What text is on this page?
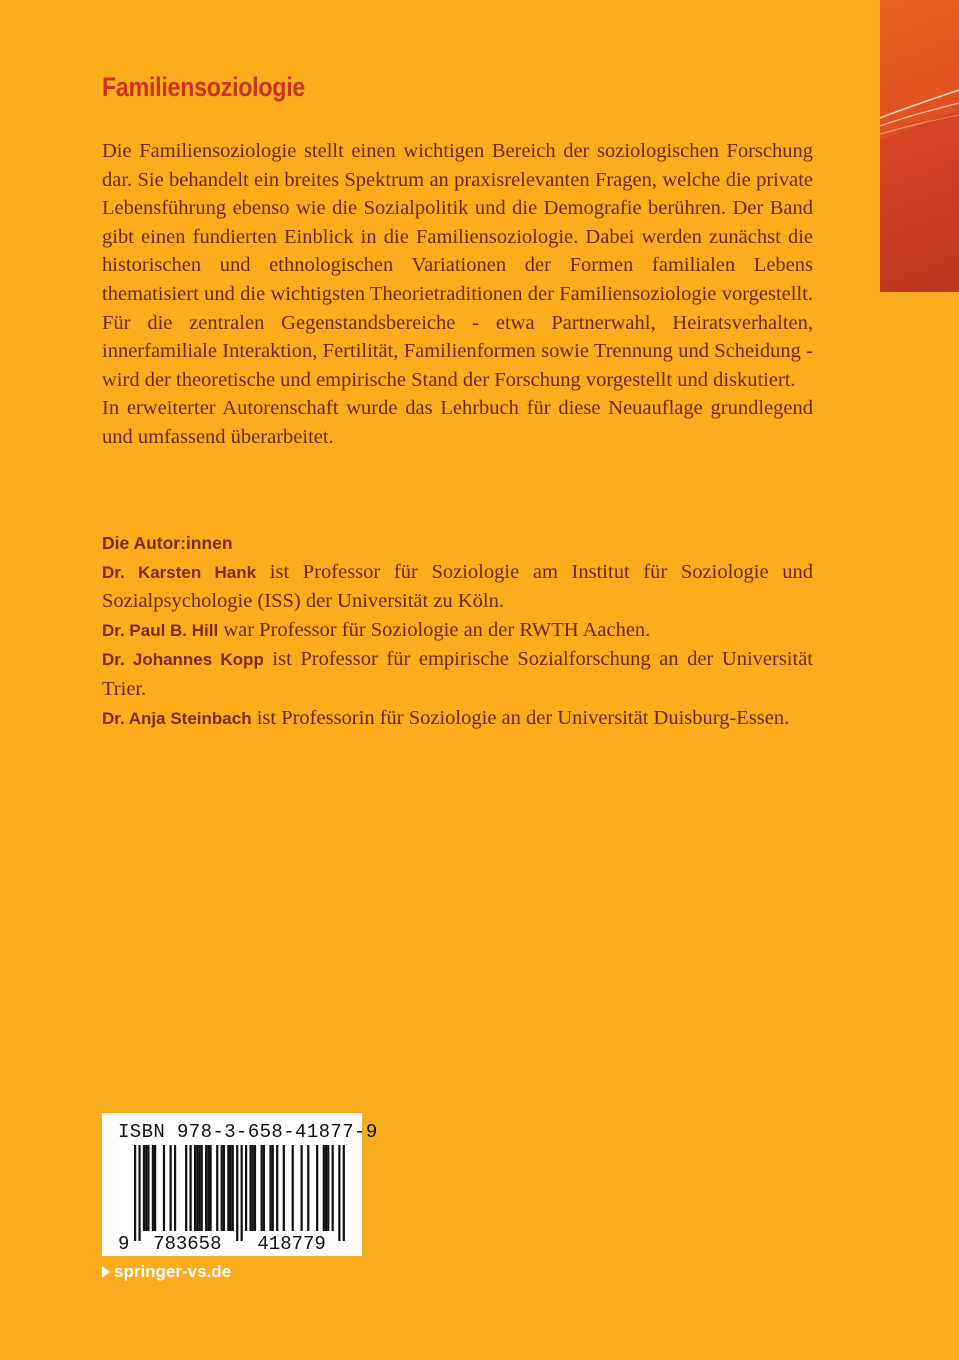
Familiensoziologie

Die Familiensoziologie stellt einen wichtigen Bereich der soziologischen Forschung dar. Sie behandelt ein breites Spektrum an praxisrelevanten Fragen, welche die private Lebensführung ebenso wie die Sozialpolitik und die Demografie berühren. Der Band gibt einen fundierten Einblick in die Familiensoziologie. Dabei werden zunächst die historischen und ethnologischen Variationen der Formen familialen Lebens thematisiert und die wichtigsten Theorietraditionen der Familiensoziologie vorgestellt. Für die zentralen Gegenstandsbereiche - etwa Partnerwahl, Heiratsverhalten, innerfamiliale Interaktion, Fertilität, Familienformen sowie Trennung und Scheidung - wird der theoretische und empirische Stand der Forschung vorgestellt und diskutiert.

In erweiterter Autorenschaft wurde das Lehrbuch für diese Neuauflage grundlegend und umfassend überarbeitet.

Die Autor:innen

Dr. Karsten Hank ist Professor für Soziologie am Institut für Soziologie und Sozialpsychologie (ISS) der Universität zu Köln.

Dr. Paul B. Hill war Professor für Soziologie an der RWTH Aachen.

Dr. Johannes Kopp ist Professor für empirische Sozialforschung an der Universität Trier.

Dr. Anja Steinbach ist Professorin für Soziologie an der Universität Duisburg-Essen.

ISBN 978-3-658-41877-9
9 783658 418779
springer-vs.de
